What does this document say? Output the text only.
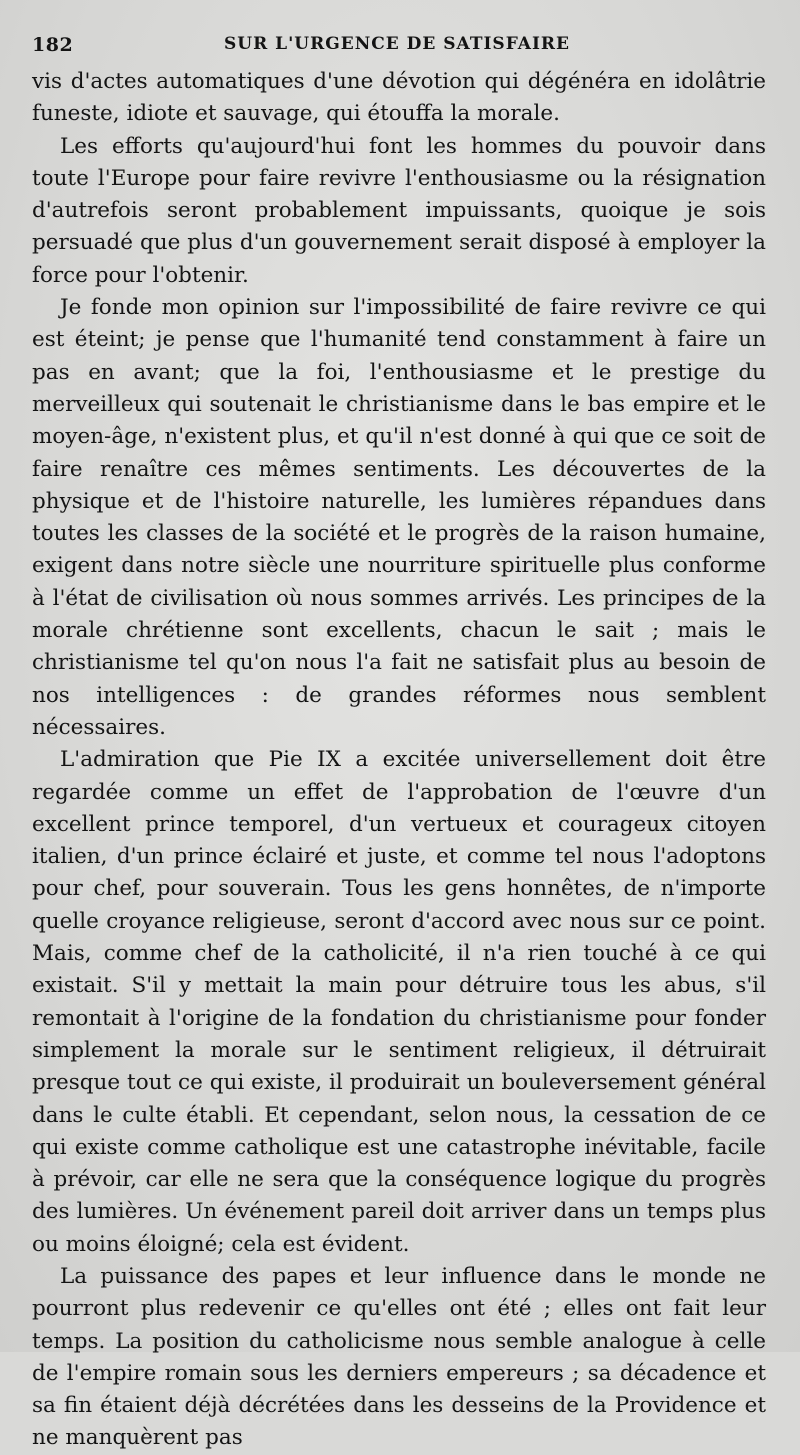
182	SUR L'URGENCE DE SATISFAIRE

vis d'actes automatiques d'une dévotion qui dégénéra en idolâtrie funeste, idiote et sauvage, qui étouffa la morale.

Les efforts qu'aujourd'hui font les hommes du pouvoir dans toute l'Europe pour faire revivre l'enthousiasme ou la résignation d'autrefois seront probablement impuissants, quoique je sois persuadé que plus d'un gouvernement serait disposé à employer la force pour l'obtenir.

Je fonde mon opinion sur l'impossibilité de faire revivre ce qui est éteint; je pense que l'humanité tend constamment à faire un pas en avant; que la foi, l'enthousiasme et le prestige du merveilleux qui soutenait le christianisme dans le bas empire et le moyen-âge, n'existent plus, et qu'il n'est donné à qui que ce soit de faire renaître ces mêmes sentiments. Les découvertes de la physique et de l'histoire naturelle, les lumières répandues dans toutes les classes de la société et le progrès de la raison humaine, exigent dans notre siècle une nourriture spirituelle plus conforme à l'état de civilisation où nous sommes arrivés. Les principes de la morale chrétienne sont excellents, chacun le sait ; mais le christianisme tel qu'on nous l'a fait ne satisfait plus au besoin de nos intelligences : de grandes réformes nous semblent nécessaires.

L'admiration que Pie IX a excitée universellement doit être regardée comme un effet de l'approbation de l'œuvre d'un excellent prince temporel, d'un vertueux et courageux citoyen italien, d'un prince éclairé et juste, et comme tel nous l'adoptons pour chef, pour souverain. Tous les gens honnêtes, de n'importe quelle croyance religieuse, seront d'accord avec nous sur ce point. Mais, comme chef de la catholicité, il n'a rien touché à ce qui existait. S'il y mettait la main pour détruire tous les abus, s'il remontait à l'origine de la fondation du christianisme pour fonder simplement la morale sur le sentiment religieux, il détruirait presque tout ce qui existe, il produirait un bouleversement général dans le culte établi. Et cependant, selon nous, la cessation de ce qui existe comme catholique est une catastrophe inévitable, facile à prévoir, car elle ne sera que la conséquence logique du progrès des lumières. Un événement pareil doit arriver dans un temps plus ou moins éloigné; cela est évident.

La puissance des papes et leur influence dans le monde ne pourront plus redevenir ce qu'elles ont été ; elles ont fait leur temps. La position du catholicisme nous semble analogue à celle de l'empire romain sous les derniers empereurs ; sa décadence et sa fin étaient déjà décrétées dans les desseins de la Providence et ne manquèrent pas
